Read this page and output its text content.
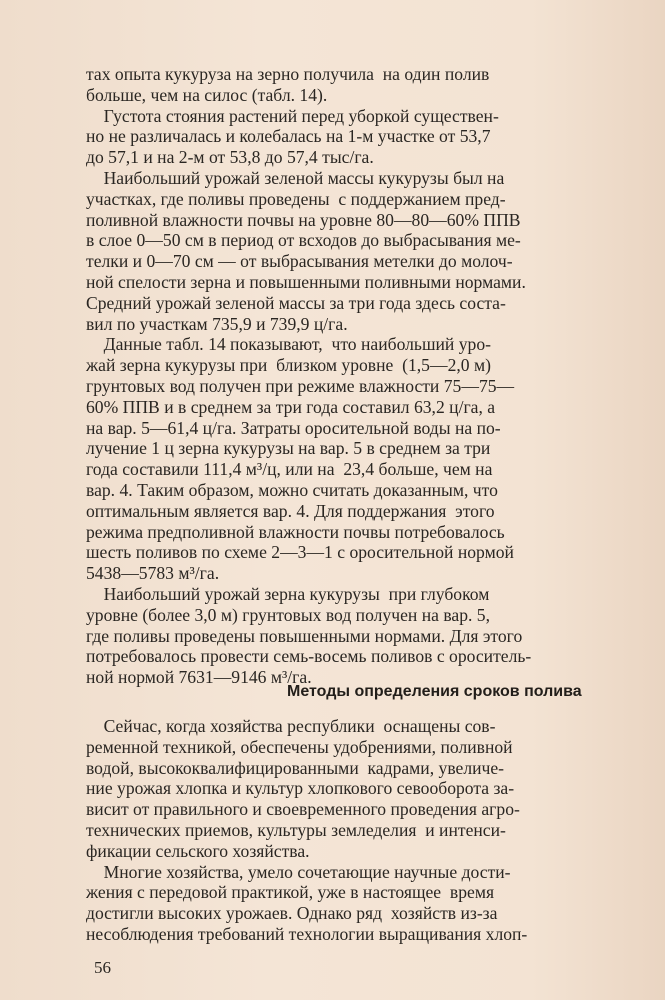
тах опыта кукуруза на зерно получила  на один полив

больше, чем на силос (табл. 14).

Густота стояния растений перед уборкой существен-

но не различалась и колебалась на 1-м участке от 53,7

до 57,1 и на 2-м от 53,8 до 57,4 тыс/га.

Наибольший урожай зеленой массы кукурузы был на

участках, где поливы проведены  с поддержанием пред-

поливной влажности почвы на уровне 80—80—60% ППВ

в слое 0—50 см в период от всходов до выбрасывания ме-

телки и 0—70 см — от выбрасывания метелки до молоч-

ной спелости зерна и повышенными поливными нормами.

Средний урожай зеленой массы за три года здесь соста-

вил по участкам 735,9 и 739,9 ц/га.

Данные табл. 14 показывают,  что наибольший уро-

жай зерна кукурузы при  близком уровне  (1,5—2,0 м)

грунтовых вод получен при режиме влажности 75—75—

60% ППВ и в среднем за три года составил 63,2 ц/га, а

на вар. 5—61,4 ц/га. Затраты оросительной воды на по-

лучение 1 ц зерна кукурузы на вар. 5 в среднем за три

года составили 111,4 м³/ц, или на  23,4 больше, чем на

вар. 4. Таким образом, можно считать доказанным, что

оптимальным является вар. 4. Для поддержания  этого

режима предполивной влажности почвы потребовалось

шесть поливов по схеме 2—3—1 с оросительной нормой

5438—5783 м³/га.

Наибольший урожай зерна кукурузы  при глубоком

уровне (более 3,0 м) грунтовых вод получен на вар. 5,

где поливы проведены повышенными нормами. Для этого

потребовалось провести семь-восемь поливов с ороситель-

ной нормой 7631—9146 м³/га.

Методы определения сроков полива

Сейчас, когда хозяйства республики  оснащены сов-

ременной техникой, обеспечены удобрениями, поливной

водой, высококвалифицированными  кадрами, увеличе-

ние урожая хлопка и культур хлопкового севооборота за-

висит от правильного и своевременного проведения агро-

технических приемов, культуры земледелия  и интенси-

фикации сельского хозяйства.

Многие хозяйства, умело сочетающие научные дости-

жения с передовой практикой, уже в настоящее  время

достигли высоких урожаев. Однако ряд  хозяйств из-за

несоблюдения требований технологии выращивания хлоп-

56
